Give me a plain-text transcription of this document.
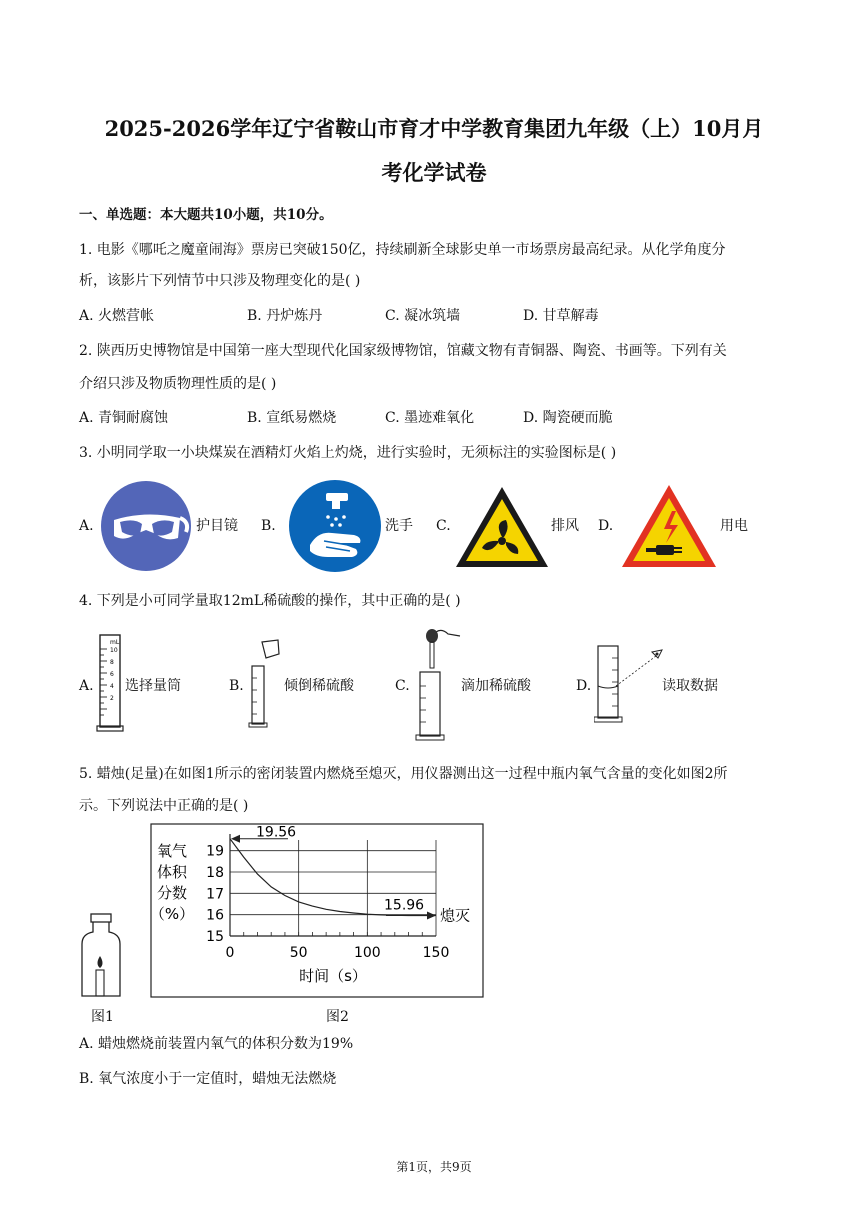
2025-2026学年辽宁省鞍山市育才中学教育集团九年级（上）10月月
考化学试卷
一、单选题：本大题共10小题，共10分。
1. 电影《哪吒之魔童闹海》票房已突破150亿，持续刷新全球影史单一市场票房最高纪录。从化学角度分
析，该影片下列情节中只涉及物理变化的是( )
A. 火燃营帐	B. 丹炉炼丹	C. 凝冰筑墙	D. 甘草解毒
2. 陕西历史博物馆是中国第一座大型现代化国家级博物馆，馆藏文物有青铜器、陶瓷、书画等。下列有关
介绍只涉及物质物理性质的是( )
A. 青铜耐腐蚀	B. 宣纸易燃烧	C. 墨迹难氧化	D. 陶瓷硬而脆
3. 小明同学取一小块煤炭在酒精灯火焰上灼烧，进行实验时，无须标注的实验图标是( )
A.	护目镜 B.	洗手 C.	排风 D.	用电
4. 下列是小可同学量取12mL稀硫酸的操作，其中正确的是( )
A.
mL
10
8
6
4
2
选择量筒	B.	倾倒稀硫酸	C.	滴加稀硫酸	D.	读取数据
5. 蜡烛(足量)在如图1所示的密闭装置内燃烧至熄灭，用仪器测出这一过程中瓶内氧气含量的变化如图2所
示。下列说法中正确的是( )
图1
15
16
17
18
19
0	50	100	150
氧气
体积
分数
（%）
时间（s）
19.56
15.96
熄灭
图2
A. 蜡烛燃烧前装置内氧气的体积分数为19%
B. 氧气浓度小于一定值时，蜡烛无法燃烧
第1页，共9页
